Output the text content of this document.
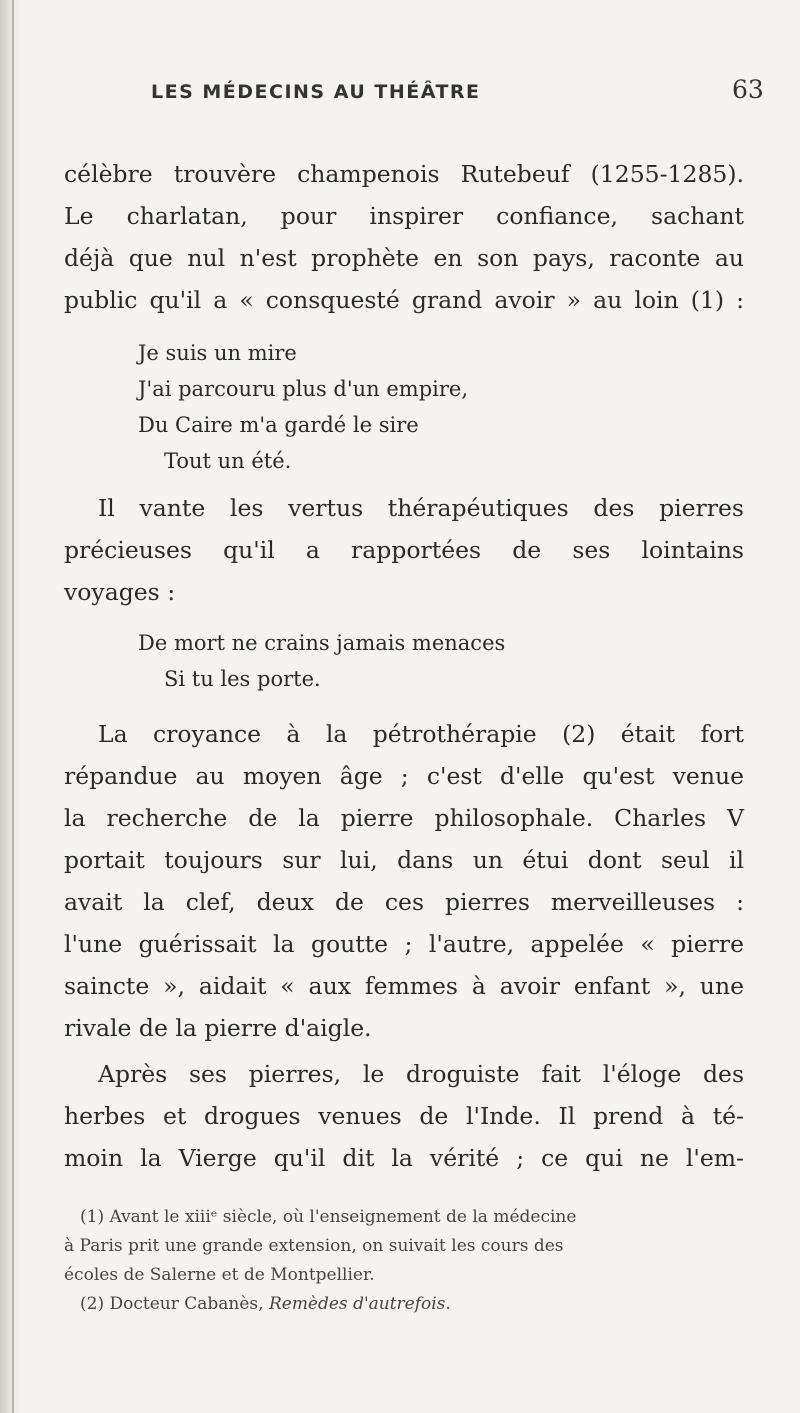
LES MÉDECINS AU THÉÂTRE	63
célèbre trouvère champenois Rutebeuf (1255-1285).
Le charlatan, pour inspirer confiance, sachant
déjà que nul n'est prophète en son pays, raconte au
public qu'il a « consquesté grand avoir » au loin (1) :
Je suis un mire
J'ai parcouru plus d'un empire,
Du Caire m'a gardé le sire
Tout un été.
Il vante les vertus thérapéutiques des pierres
précieuses qu'il a rapportées de ses lointains
voyages :
De mort ne crains jamais menaces
Si tu les porte.
La croyance à la pétrothérapie (2) était fort
répandue au moyen âge ; c'est d'elle qu'est venue
la recherche de la pierre philosophale. Charles V
portait toujours sur lui, dans un étui dont seul il
avait la clef, deux de ces pierres merveilleuses :
l'une guérissait la goutte ; l'autre, appelée « pierre
saincte », aidait « aux femmes à avoir enfant », une
rivale de la pierre d'aigle.
Après ses pierres, le droguiste fait l'éloge des
herbes et drogues venues de l'Inde. Il prend à té-
moin la Vierge qu'il dit la vérité ; ce qui ne l'em-
(1) Avant le xiiiᵉ siècle, où l'enseignement de la médecine
à Paris prit une grande extension, on suivait les cours des
écoles de Salerne et de Montpellier.
(2) Docteur Cabanès, Remèdes d'autrefois.
